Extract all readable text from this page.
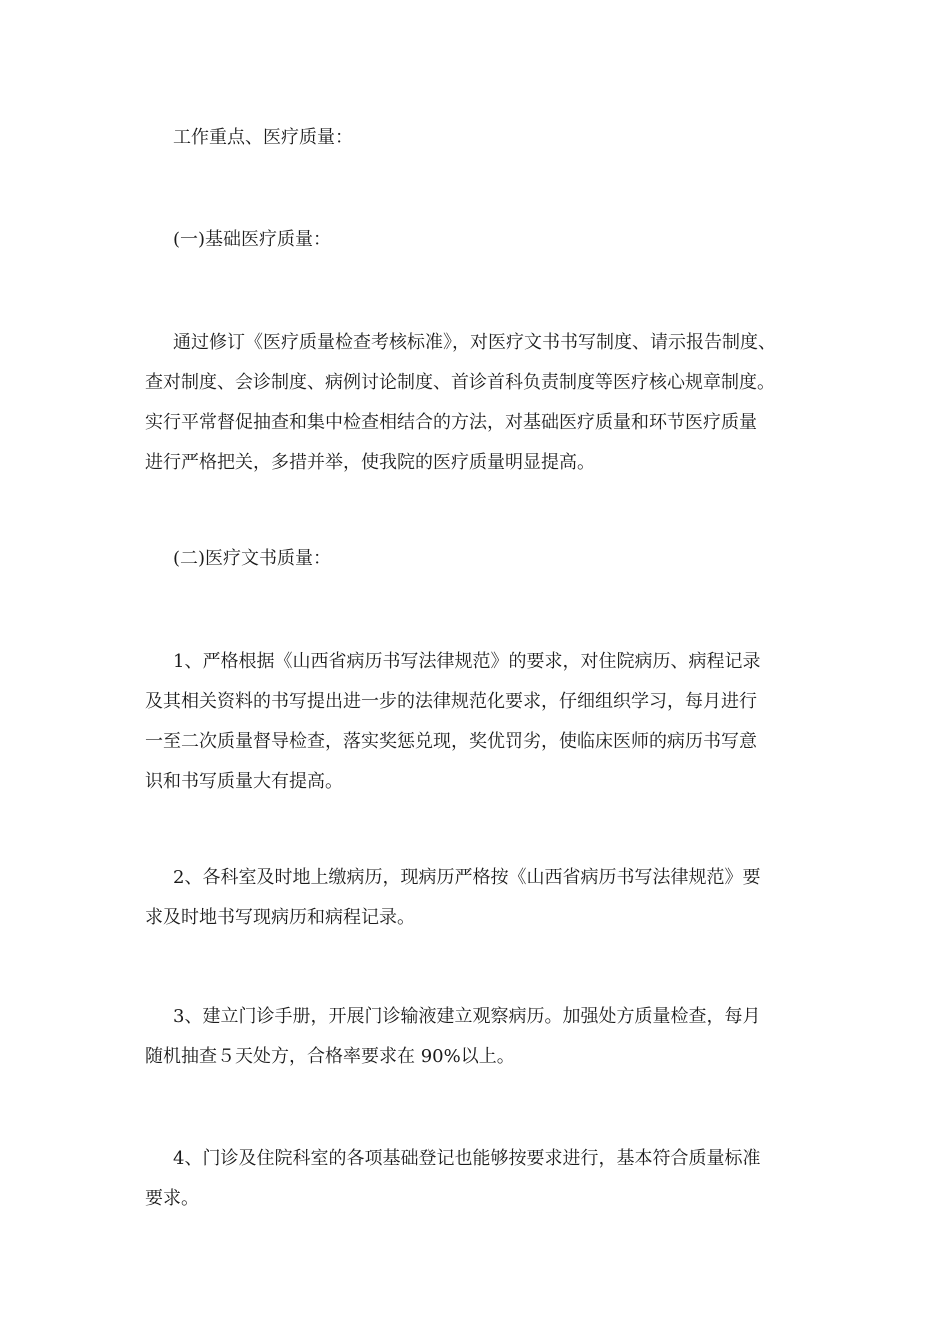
工作重点、医疗质量：
(一)基础医疗质量：
通过修订《医疗质量检查考核标准》，对医疗文书书写制度、请示报告制度、
查对制度、会诊制度、病例讨论制度、首诊首科负责制度等医疗核心规章制度。
实行平常督促抽查和集中检查相结合的方法，对基础医疗质量和环节医疗质量
进行严格把关，多措并举，使我院的医疗质量明显提高。
(二)医疗文书质量：
1、严格根据《山西省病历书写法律规范》的要求，对住院病历、病程记录
及其相关资料的书写提出进一步的法律规范化要求，仔细组织学习，每月进行
一至二次质量督导检查，落实奖惩兑现，奖优罚劣，使临床医师的病历书写意
识和书写质量大有提高。
2、各科室及时地上缴病历，现病历严格按《山西省病历书写法律规范》要
求及时地书写现病历和病程记录。
3、建立门诊手册，开展门诊输液建立观察病历。加强处方质量检查，每月
随机抽查５天处方，合格率要求在 90%以上。
4、门诊及住院科室的各项基础登记也能够按要求进行，基本符合质量标准
要求。
